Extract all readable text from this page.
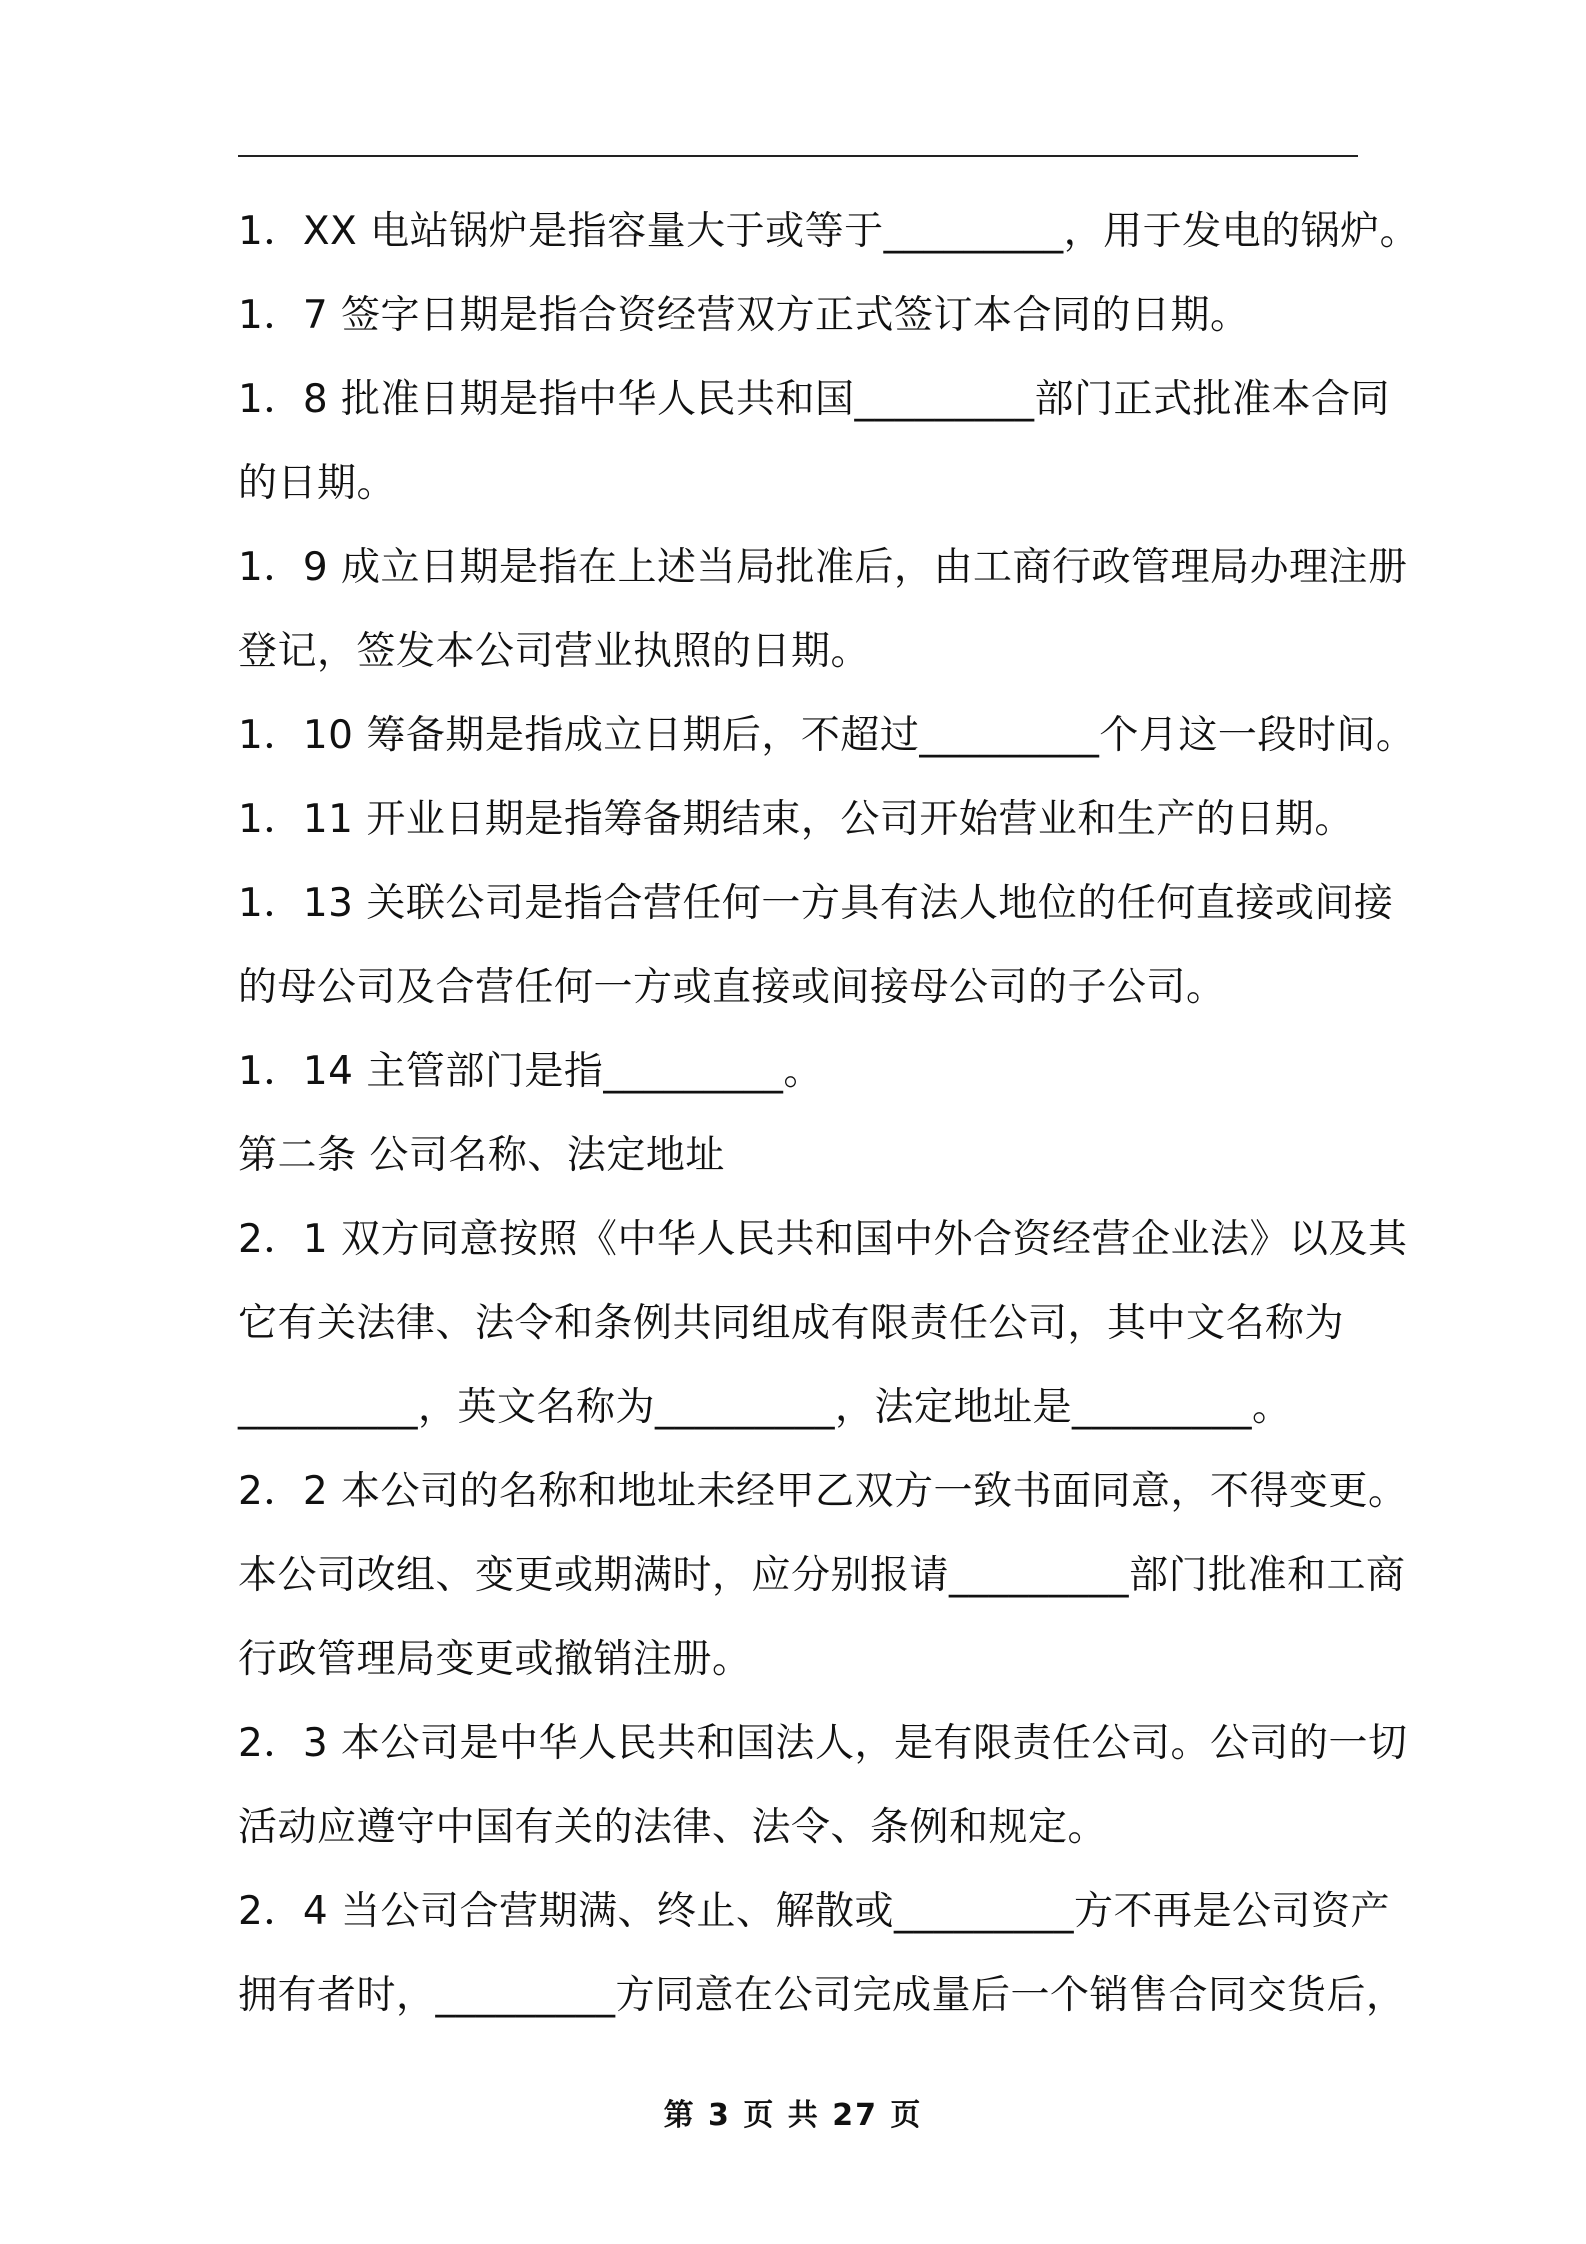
1．XX 电站锅炉是指容量大于或等于_________，用于发电的锅炉。
1．7 签字日期是指合资经营双方正式签订本合同的日期。
1．8 批准日期是指中华人民共和国_________部门正式批准本合同
的日期。
1．9 成立日期是指在上述当局批准后，由工商行政管理局办理注册
登记，签发本公司营业执照的日期。
1．10 筹备期是指成立日期后，不超过_________个月这一段时间。
1．11 开业日期是指筹备期结束，公司开始营业和生产的日期。
1．13 关联公司是指合营任何一方具有法人地位的任何直接或间接
的母公司及合营任何一方或直接或间接母公司的子公司。
1．14 主管部门是指_________。
第二条 公司名称、法定地址
2．1 双方同意按照《中华人民共和国中外合资经营企业法》以及其
它有关法律、法令和条例共同组成有限责任公司，其中文名称为
_________，英文名称为_________，法定地址是_________。
2．2 本公司的名称和地址未经甲乙双方一致书面同意，不得变更。
本公司改组、变更或期满时，应分别报请_________部门批准和工商
行政管理局变更或撤销注册。
2．3 本公司是中华人民共和国法人，是有限责任公司。公司的一切
活动应遵守中国有关的法律、法令、条例和规定。
2．4 当公司合营期满、终止、解散或_________方不再是公司资产
拥有者时，_________方同意在公司完成量后一个销售合同交货后，
第 3 页 共 27 页
